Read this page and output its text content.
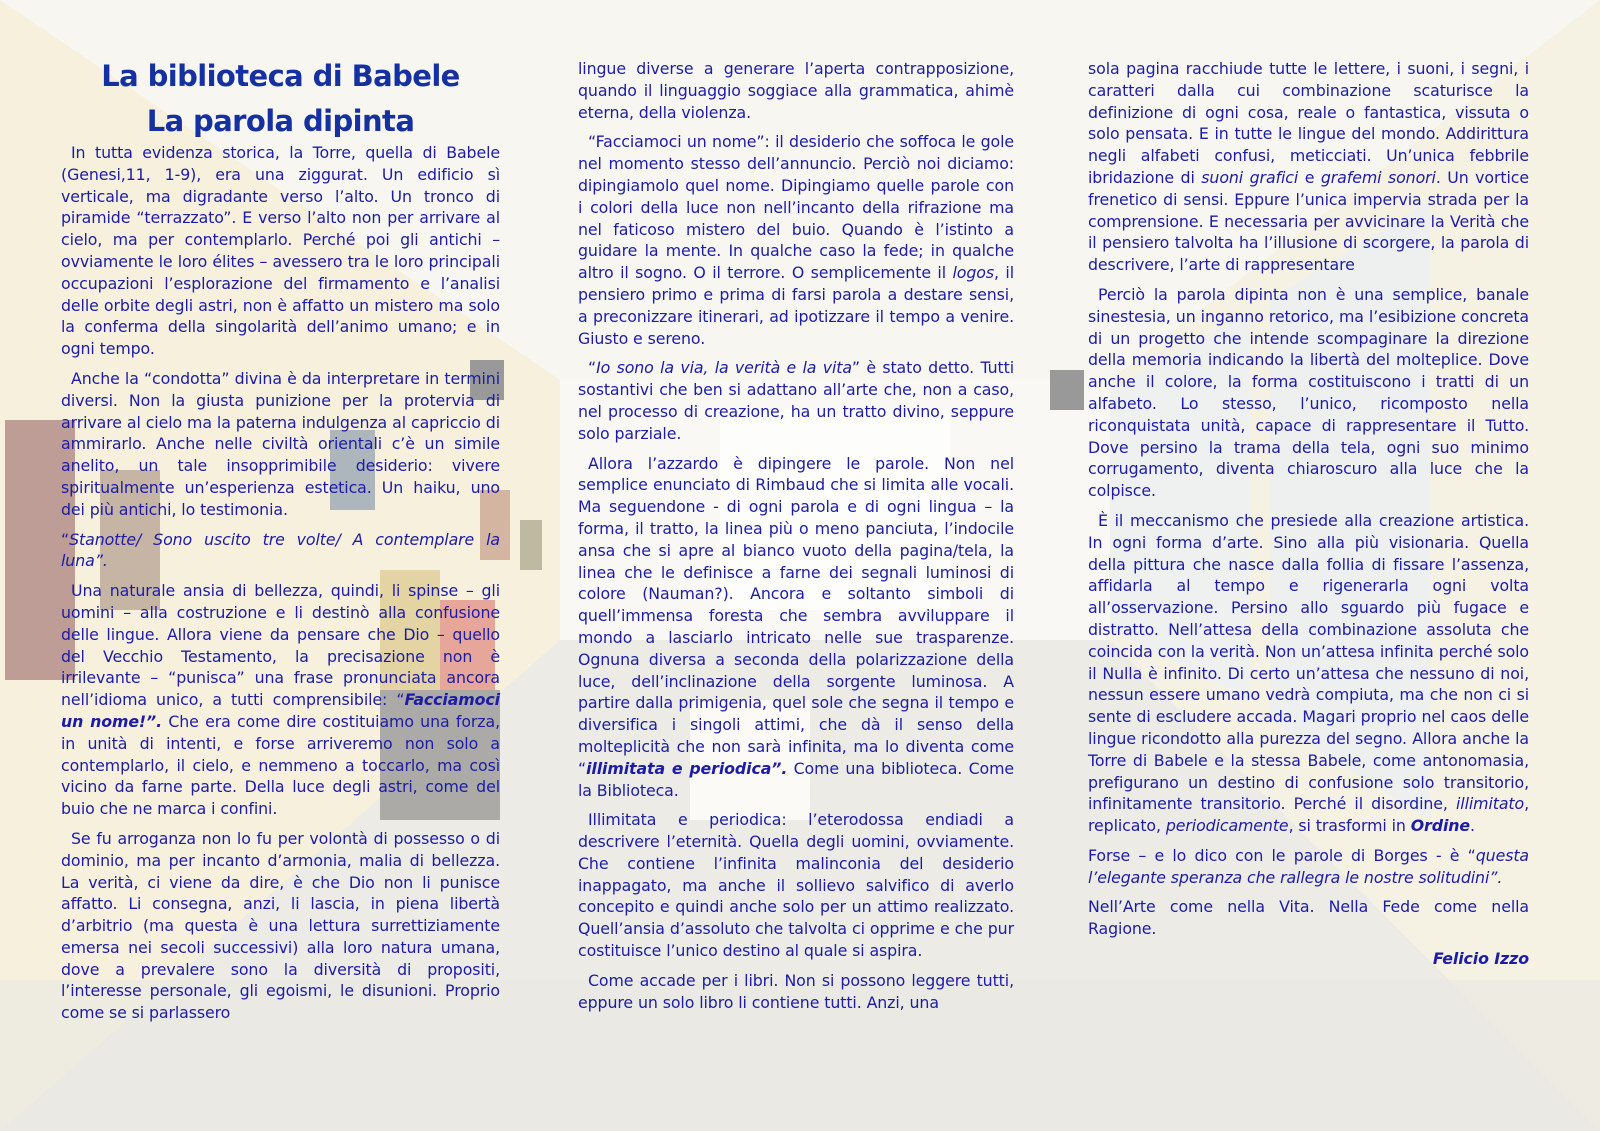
La biblioteca di Babele
La parola dipinta

In tutta evidenza storica, la Torre, quella di Babele (Genesi,11, 1-9), era una ziggurat. Un edificio sì verticale, ma digradante verso l’alto. Un tronco di piramide “terrazzato”. E verso l’alto non per arrivare al cielo, ma per contemplarlo. Perché poi gli antichi – ovviamente le loro élites – avessero tra le loro principali occupazioni l’esplorazione del firmamento e l’analisi delle orbite degli astri, non è affatto un mistero ma solo la conferma della singolarità dell’animo umano; e in ogni tempo.

Anche la “condotta” divina è da interpretare in termini diversi. Non la giusta punizione per la protervia di arrivare al cielo ma la paterna indulgenza al capriccio di ammirarlo. Anche nelle civiltà orientali c’è un simile anelito, un tale insopprimibile desiderio: vivere spiritualmente un’esperienza estetica. Un haiku, uno dei più antichi, lo testimonia.

“Stanotte/ Sono uscito tre volte/ A contemplare la luna”.

Una naturale ansia di bellezza, quindi, li spinse – gli uomini – alla costruzione e li destinò alla confusione delle lingue. Allora viene da pensare che Dio – quello del Vecchio Testamento, la precisazione non è irrilevante – “punisca” una frase pronunciata ancora nell’idioma unico, a tutti comprensibile: “Facciamoci un nome!”. Che era come dire costituiamo una forza, in unità di intenti, e forse arriveremo non solo a contemplarlo, il cielo, e nemmeno a toccarlo, ma così vicino da farne parte. Della luce degli astri, come del buio che ne marca i confini.

Se fu arroganza non lo fu per volontà di possesso o di dominio, ma per incanto d’armonia, malia di bellezza. La verità, ci viene da dire, è che Dio non li punisce affatto. Li consegna, anzi, li lascia, in piena libertà d’arbitrio (ma questa è una lettura surrettiziamente emersa nei secoli successivi) alla loro natura umana, dove a prevalere sono la diversità di propositi, l’interesse personale, gli egoismi, le disunioni. Proprio come se si parlassero

lingue diverse a generare l’aperta contrapposizione, quando il linguaggio soggiace alla grammatica, ahimè eterna, della violenza.

“Facciamoci un nome”: il desiderio che soffoca le gole nel momento stesso dell’annuncio. Perciò noi diciamo: dipingiamolo quel nome. Dipingiamo quelle parole con i colori della luce non nell’incanto della rifrazione ma nel faticoso mistero del buio. Quando è l’istinto a guidare la mente. In qualche caso la fede; in qualche altro il sogno. O il terrore. O semplicemente il logos, il pensiero primo e prima di farsi parola a destare sensi, a preconizzare itinerari, ad ipotizzare il tempo a venire. Giusto e sereno.

“Io sono la via, la verità e la vita” è stato detto. Tutti sostantivi che ben si adattano all’arte che, non a caso, nel processo di creazione, ha un tratto divino, seppure solo parziale.

Allora l’azzardo è dipingere le parole. Non nel semplice enunciato di Rimbaud che si limita alle vocali. Ma seguendone - di ogni parola e di ogni lingua – la forma, il tratto, la linea più o meno panciuta, l’indocile ansa che si apre al bianco vuoto della pagina/tela, la linea che le definisce a farne dei segnali luminosi di colore (Nauman?). Ancora e soltanto simboli di quell’immensa foresta che sembra avviluppare il mondo a lasciarlo intricato nelle sue trasparenze. Ognuna diversa a seconda della polarizzazione della luce, dell’inclinazione della sorgente luminosa. A partire dalla primigenia, quel sole che segna il tempo e diversifica i singoli attimi, che dà il senso della molteplicità che non sarà infinita, ma lo diventa come “illimitata e periodica”. Come una biblioteca. Come la Biblioteca.

Illimitata e periodica: l’eterodossa endiadi a descrivere l’eternità. Quella degli uomini, ovviamente. Che contiene l’infinita malinconia del desiderio inappagato, ma anche il sollievo salvifico di averlo concepito e quindi anche solo per un attimo realizzato. Quell’ansia d’assoluto che talvolta ci opprime e che pur costituisce l’unico destino al quale si aspira.

Come accade per i libri. Non si possono leggere tutti, eppure un solo libro li contiene tutti. Anzi, una

sola pagina racchiude tutte le lettere, i suoni, i segni, i caratteri dalla cui combinazione scaturisce la definizione di ogni cosa, reale o fantastica, vissuta o solo pensata. E in tutte le lingue del mondo. Addirittura negli alfabeti confusi, meticciati. Un’unica febbrile ibridazione di suoni grafici e grafemi sonori. Un vortice frenetico di sensi. Eppure l’unica impervia strada per la comprensione. E necessaria per avvicinare la Verità che il pensiero talvolta ha l’illusione di scorgere, la parola di descrivere, l’arte di rappresentare

Perciò la parola dipinta non è una semplice, banale sinestesia, un inganno retorico, ma l’esibizione concreta di un progetto che intende scompaginare la direzione della memoria indicando la libertà del molteplice. Dove anche il colore, la forma costituiscono i tratti di un alfabeto. Lo stesso, l’unico, ricomposto nella riconquistata unità, capace di rappresentare il Tutto. Dove persino la trama della tela, ogni suo minimo corrugamento, diventa chiaroscuro alla luce che la colpisce.

È il meccanismo che presiede alla creazione artistica. In ogni forma d’arte. Sino alla più visionaria. Quella della pittura che nasce dalla follia di fissare l’assenza, affidarla al tempo e rigenerarla ogni volta all’osservazione. Persino allo sguardo più fugace e distratto. Nell’attesa della combinazione assoluta che coincida con la verità. Non un’attesa infinita perché solo il Nulla è infinito. Di certo un’attesa che nessuno di noi, nessun essere umano vedrà compiuta, ma che non ci si sente di escludere accada. Magari proprio nel caos delle lingue ricondotto alla purezza del segno. Allora anche la Torre di Babele e la stessa Babele, come antonomasia, prefigurano un destino di confusione solo transitorio, infinitamente transitorio. Perché il disordine, illimitato, replicato, periodicamente, si trasformi in Ordine.

Forse – e lo dico con le parole di Borges - è “questa l’elegante speranza che rallegra le nostre solitudini”.

Nell’Arte come nella Vita. Nella Fede come nella Ragione.

Felicio Izzo
